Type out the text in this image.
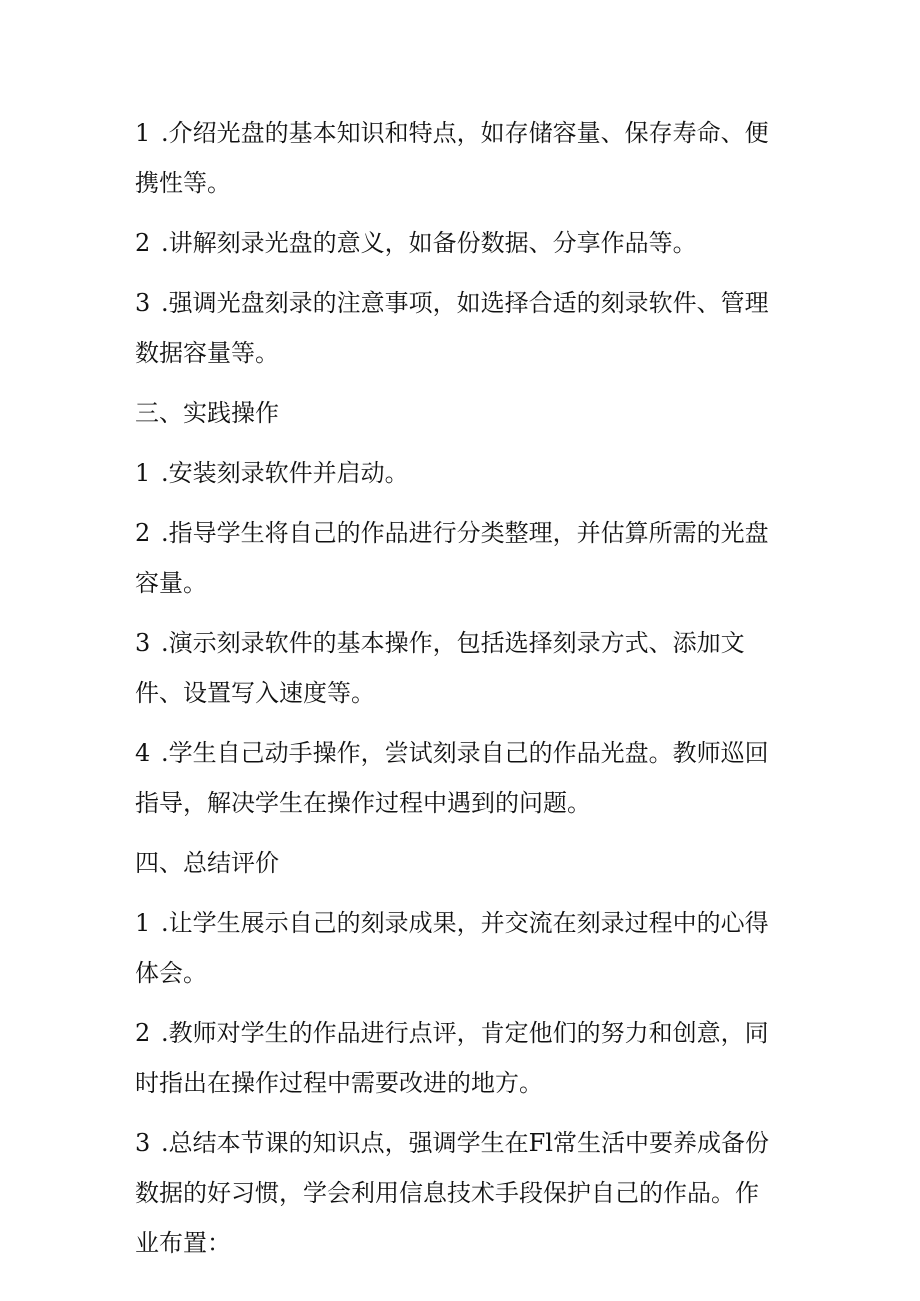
1 .介绍光盘的基本知识和特点，如存储容量、保存寿命、便携性等。

2 .讲解刻录光盘的意义，如备份数据、分享作品等。

3 .强调光盘刻录的注意事项，如选择合适的刻录软件、管理数据容量等。

三、实践操作

1 .安装刻录软件并启动。

2 .指导学生将自己的作品进行分类整理，并估算所需的光盘容量。

3 .演示刻录软件的基本操作，包括选择刻录方式、添加文件、设置写入速度等。

4 .学生自己动手操作，尝试刻录自己的作品光盘。教师巡回指导，解决学生在操作过程中遇到的问题。

四、总结评价

1 .让学生展示自己的刻录成果，并交流在刻录过程中的心得体会。

2 .教师对学生的作品进行点评，肯定他们的努力和创意，同时指出在操作过程中需要改进的地方。

3 .总结本节课的知识点，强调学生在Fl常生活中要养成备份数据的好习惯，学会利用信息技术手段保护自己的作品。作业布置：
